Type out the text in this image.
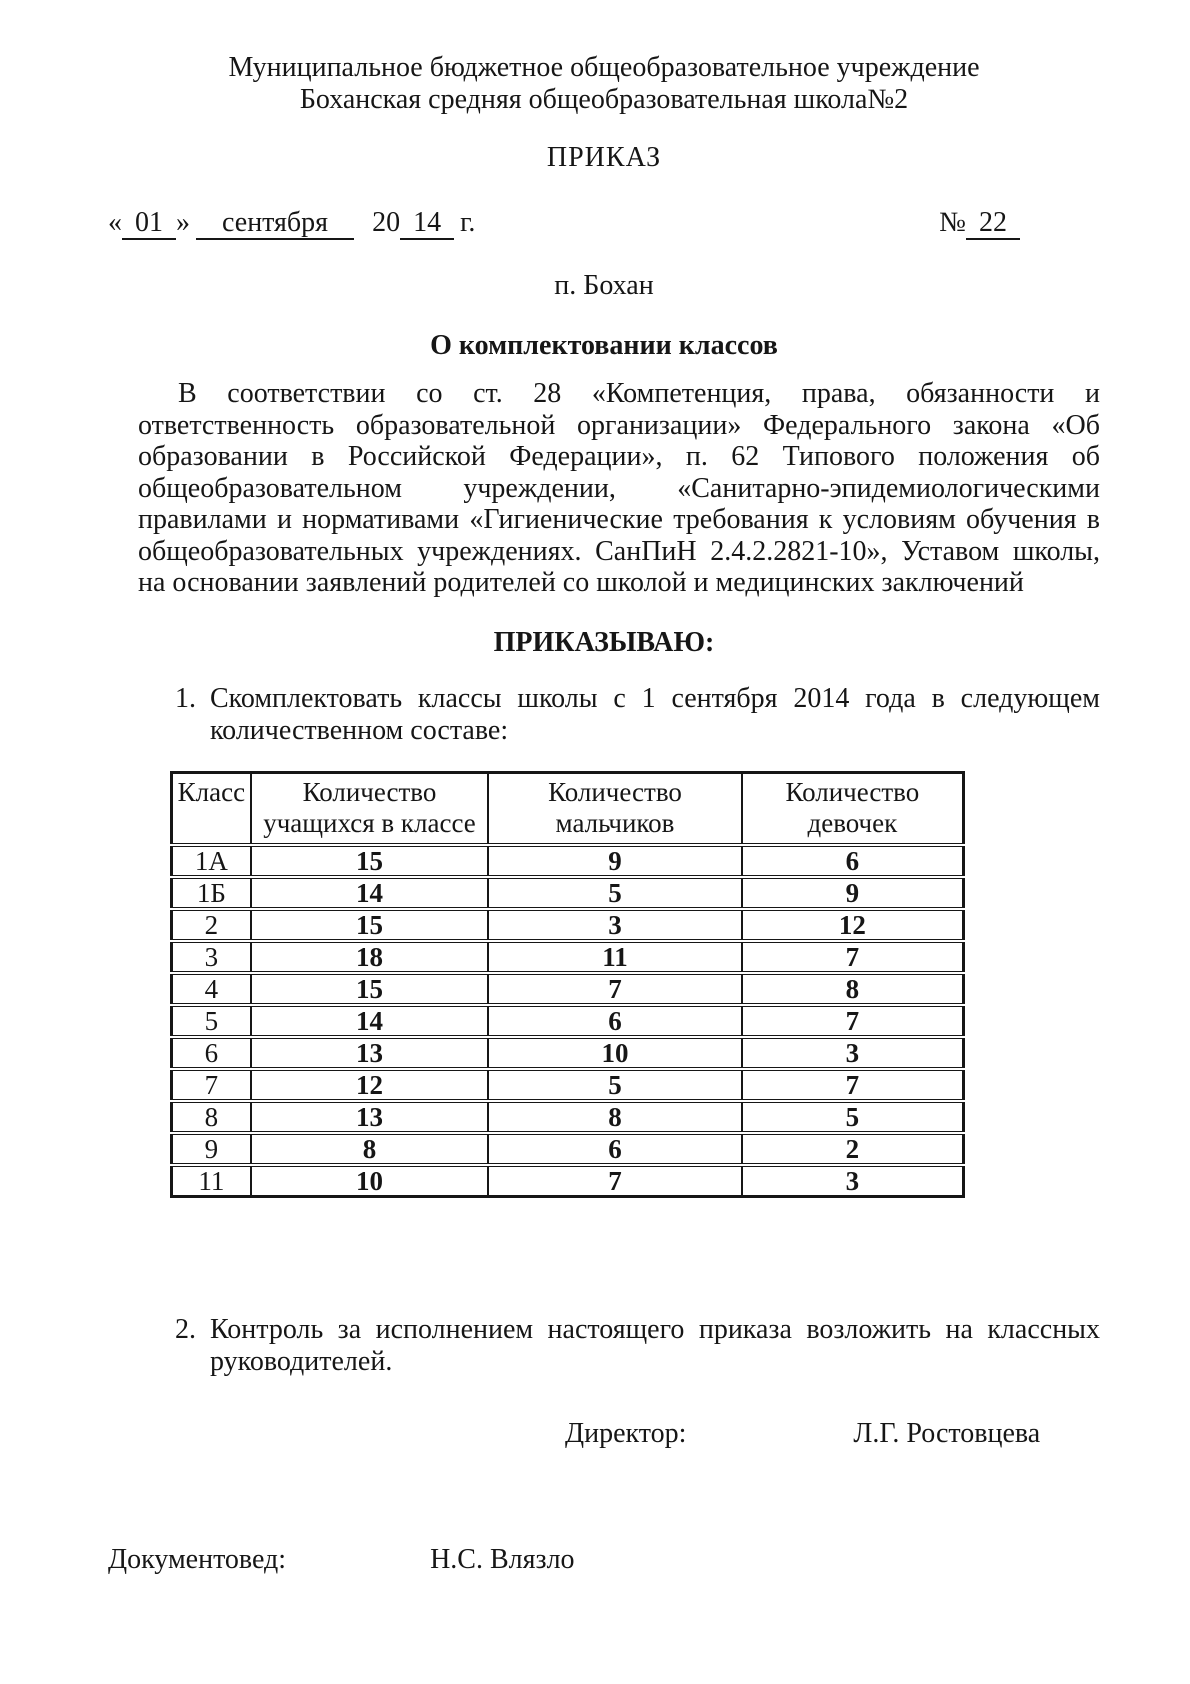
Муниципальное бюджетное общеобразовательное учреждение
Боханская средняя общеобразовательная школа№2
ПРИКАЗ
« 01 » сентября 20 14 г.	№ 22
п. Бохан
О комплектовании классов
В соответствии со ст. 28 «Компетенция, права, обязанности и
ответственность образовательной организации» Федерального закона «Об
образовании в Российской Федерации», п. 62 Типового положения об
общеобразовательном учреждении, «Санитарно-эпидемиологическими
правилами и нормативами «Гигиенические требования к условиям обучения в
общеобразовательных учреждениях. СанПиН 2.4.2.2821-10», Уставом школы,
на основании заявлений родителей со школой и медицинских заключений
ПРИКАЗЫВАЮ:
1. Скомплектовать классы школы с 1 сентября 2014 года в следующем
количественном составе:
Класс	Количество учащихся в классе	Количество мальчиков	Количество девочек
1А	15	9	6
1Б	14	5	9
2	15	3	12
3	18	11	7
4	15	7	8
5	14	6	7
6	13	10	3
7	12	5	7
8	13	8	5
9	8	6	2
11	10	7	3
2. Контроль за исполнением настоящего приказа возложить на классных
руководителей.
Директор:	Л.Г. Ростовцева
Документовед:	Н.С. Влязло
